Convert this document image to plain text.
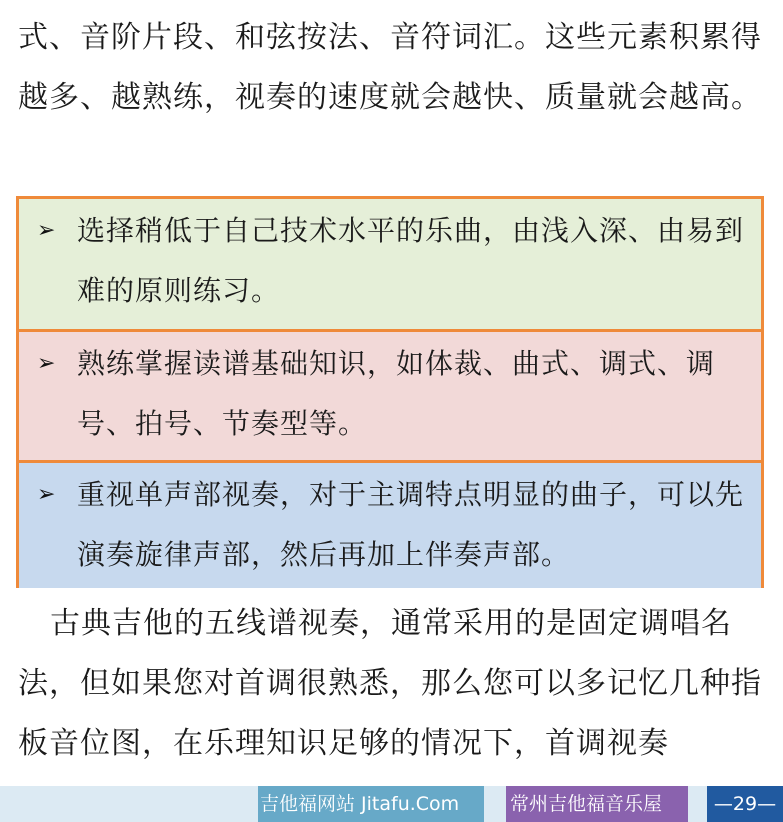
式、音阶片段、和弦按法、音符词汇。这些元素积累得越多、越熟练，视奏的速度就会越快、质量就会越高。

➢ 选择稍低于自己技术水平的乐曲，由浅入深、由易到难的原则练习。
➢ 熟练掌握读谱基础知识，如体裁、曲式、调式、调号、拍号、节奏型等。
➢ 重视单声部视奏，对于主调特点明显的曲子，可以先演奏旋律声部，然后再加上伴奏声部。

古典吉他的五线谱视奏，通常采用的是固定调唱名法，但如果您对首调很熟悉，那么您可以多记忆几种指板音位图，在乐理知识足够的情况下，首调视奏

吉他福网站 Jitafu.Com	常州吉他福音乐屋	—29—
